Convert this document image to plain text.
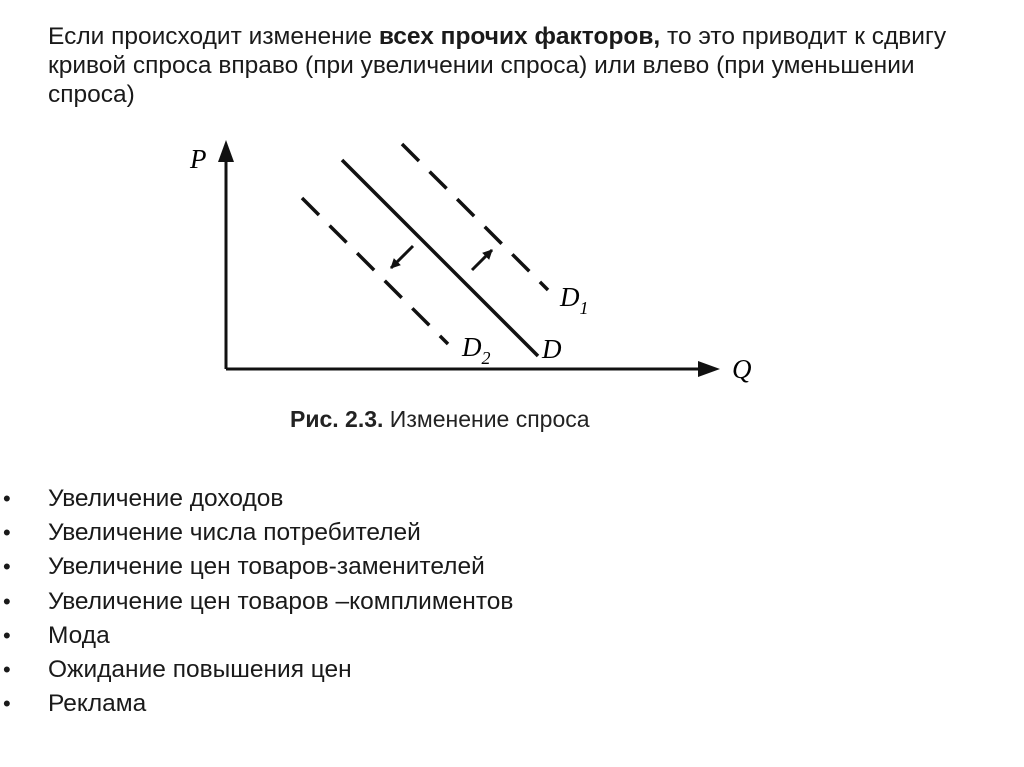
Если происходит изменение всех прочих факторов, то это приводит к сдвигу кривой спроса вправо (при увеличении спроса) или влево (при уменьшении спроса)

P
Q
$D_1$
$D_2$ D

Рис. 2.3. Изменение спроса

• Увеличение доходов
• Увеличение числа потребителей
• Увеличение цен товаров-заменителей
• Увеличение цен товаров –комплиментов
• Мода
• Ожидание повышения цен
• Реклама
